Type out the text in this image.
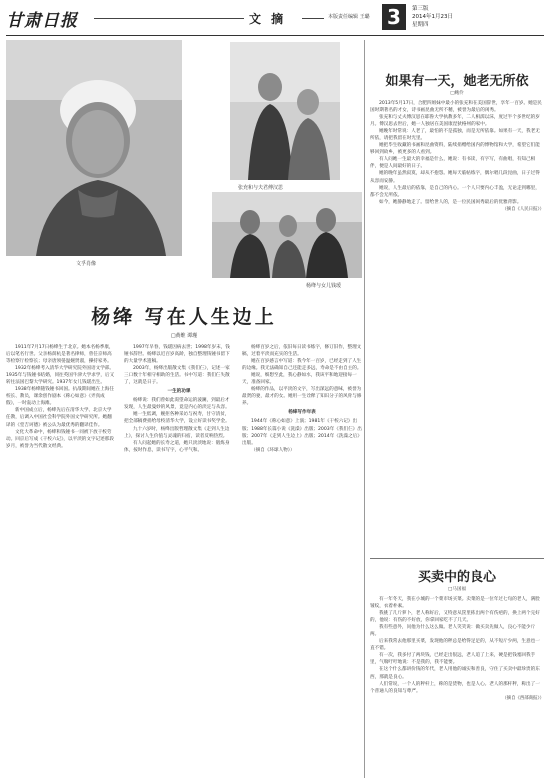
甘肃日报	文 摘	本版责任编辑 王璐 3	第三版
2014年1月23日
星期四
文孚肖像
张充和与夫君傅汉思
杨绛与女儿钱瑗
杨绛 写在人生边上
□黄维 谭瑾

1911年7月17日杨绛生于北京。她本名杨季康，后以笔名行世。父亲杨荫杭是著名律师，曾任京师高等检察厅检察长；母亲唐须嫈温婉贤淑，操持家务。

1932年杨绛考入清华大学研究院外国语文学部。1935年与钱锺书结婚，同往英国牛津大学求学，后又转往法国巴黎大学研究。1937年女儿钱瑗出生。

1938年杨绛随钱锺书回国。抗战期间她在上海任校长、教员，课余创作剧本《称心如意》《弄真成假》，一时轰动上海滩。

新中国成立后，杨绛先后在清华大学、北京大学任教，后调入中国社会科学院外国文学研究所。她翻译的《堂吉诃德》被公认为最优秀的翻译佳作。

文化大革命中，杨绛和钱锺书一同被下放干校劳动。回京后写成《干校六记》，以平淡的文字记述那段岁月，被誉为当代散文经典。

1997年早春，钱瑗因病去世；1998年岁末，钱锺书辞世。杨绛以近百岁高龄，独自整理钱锺书留下的大量学术遗稿。

2003年，杨绛出版散文集《我们仨》，记述一家三口数十年相守相助的生活。书中写道：我们仨失散了，这就是日子。

一生的功课

杨绛说：我们曾如此渴望命运的波澜，到最后才发现，人生最曼妙的风景，竟是内心的淡定与从容。

她一生低调，婉拒各种采访与祝寿，甘守清贫，把全部稿费捐给母校清华大学，设立好读书奖学金。

九十六岁时，杨绛出版哲理散文集《走到人生边上》，探讨人生价值与灵魂的归宿，读者反响热烈。

有人问起她的长寿之道，她只淡淡地说：锻炼身体，按时作息，读书写字，心平气和。

杨绛百岁之后，依旧每日读书练字，修订旧作，整理文稿，过着平淡而充实的生活。

她在百岁感言中写道：我今年一百岁，已经走到了人生的边缘。我无法确知自己还能走多远，寿命是不由自主的。

她说，细想至此，我心静如水，我该平和地迎接每一天，准备回家。

杨绛的作品，以平淡的文字，写出深远的意味，被誉为最贤的妻，最才的女。她用一生诠释了知识分子的风骨与修养。

杨绛写作年表

1944年《称心如意》上演；1981年《干校六记》出版；1988年长篇小说《洗澡》出版；2003年《我们仨》出版；2007年《走到人生边上》出版；2014年《洗澡之后》出版。

（摘自《环球人物》）

如果有一天，她老无所依
□鲍伶

2013年5月17日，合肥四姐妹中最小的张充和在美国辞世，享年一百岁。她是民国时期著名的才女，诗书画昆曲无所不精，被誉为最后的闺秀。

张充和与丈夫傅汉思在耶鲁大学执教多年，二人相濡以沫，度过半个多世纪的岁月。傅汉思去世后，她一人独居在美国康涅狄格州的家中。

她晚年时常说：人老了，最怕的不是孤独，而是无所依靠。如果有一天，我老无所依，请把我留在时光里。

她把毕生收藏的书画和昆曲资料，陆续捐赠给国内的博物馆和大学，希望它们能够回到故乡，被更多的人看到。

有人问她一生最大的幸福是什么，她说：有书读，有字写，有曲唱，有知己相伴，便是人间最好的日子。

她的晚年虽然寂寞，却从不抱怨。她每天临帖练字，偶尔唱几段昆曲，日子过得从容而安静。

她说，人生最后的依靠，是自己的内心。一个人只要内心丰盈，无论走到哪里，都不会无所依。

如今，她静静地走了。留给世人的，是一位民国闺秀最后的优雅背影。

（摘自《人民日报》）

买卖中的良心
□马国福

有一年冬天，我在小城的一个菜市场买菜。卖菜的是一位年过七旬的老人，满脸皱纹，衣着朴素。

我挑了几斤萝卜，老人称好后，又特意从筐里拣出两个有伤疤的，换上两个完好的，他说：有伤的不好放，你拿回家吃不了几天。

我有些意外，问他为什么这么做。老人笑笑说：做买卖先做人，良心不能少斤两。

后来我常去他那里买菜，发现他的秤总是给得足足的，从不短斤少两，生意也一直不错。

有一次，我多付了两块钱，已经走出很远，老人追了上来，硬是把钱塞回我手里，气喘吁吁地说：不是我的，我不能要。

在这个什么都讲价钱的年代，老人用他的诚实和善良，守住了买卖中最珍贵的东西，那就是良心。

人们常说，一个人的秤杆上，称的是货物，也是人心。老人的那杆秤，称出了一个普通人的良知与尊严。

（摘自《西部商报》）
